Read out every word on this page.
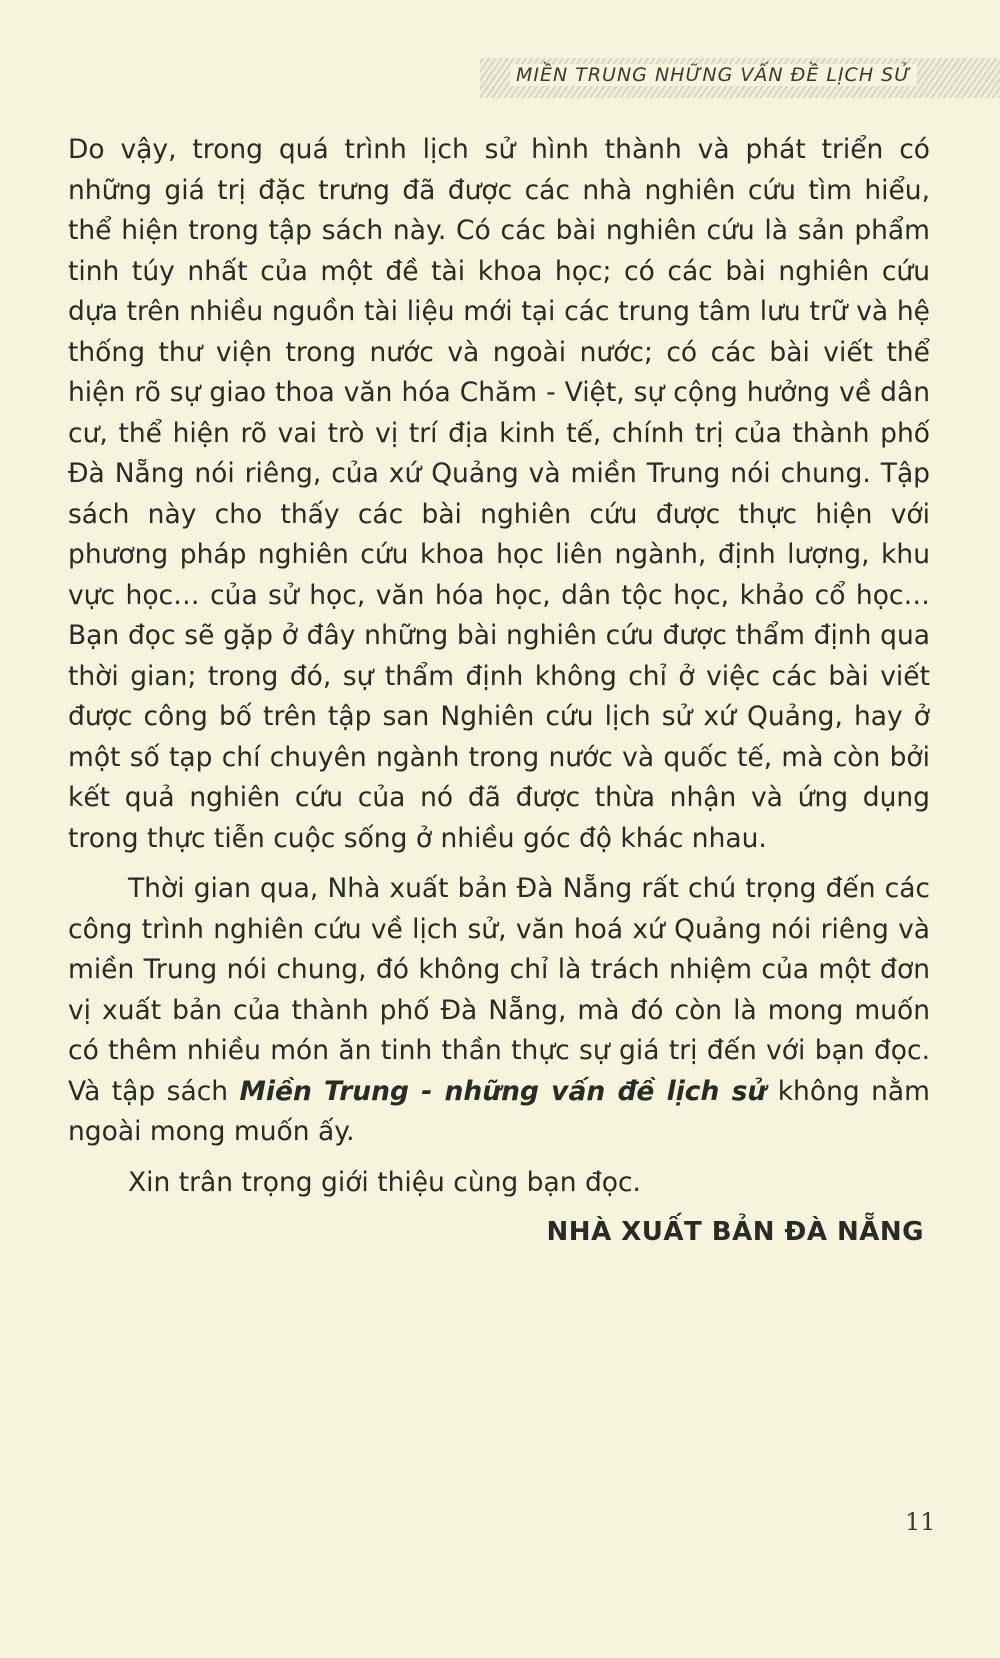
MIỀN TRUNG NHỮNG VẤN ĐỀ LỊCH SỬ

Do vậy, trong quá trình lịch sử hình thành và phát triển có những giá trị đặc trưng đã được các nhà nghiên cứu tìm hiểu, thể hiện trong tập sách này. Có các bài nghiên cứu là sản phẩm tinh túy nhất của một đề tài khoa học; có các bài nghiên cứu dựa trên nhiều nguồn tài liệu mới tại các trung tâm lưu trữ và hệ thống thư viện trong nước và ngoài nước; có các bài viết thể hiện rõ sự giao thoa văn hóa Chăm - Việt, sự cộng hưởng về dân cư, thể hiện rõ vai trò vị trí địa kinh tế, chính trị của thành phố Đà Nẵng nói riêng, của xứ Quảng và miền Trung nói chung. Tập sách này cho thấy các bài nghiên cứu được thực hiện với phương pháp nghiên cứu khoa học liên ngành, định lượng, khu vực học… của sử học, văn hóa học, dân tộc học, khảo cổ học… Bạn đọc sẽ gặp ở đây những bài nghiên cứu được thẩm định qua thời gian; trong đó, sự thẩm định không chỉ ở việc các bài viết được công bố trên tập san Nghiên cứu lịch sử xứ Quảng, hay ở một số tạp chí chuyên ngành trong nước và quốc tế, mà còn bởi kết quả nghiên cứu của nó đã được thừa nhận và ứng dụng trong thực tiễn cuộc sống ở nhiều góc độ khác nhau.

Thời gian qua, Nhà xuất bản Đà Nẵng rất chú trọng đến các công trình nghiên cứu về lịch sử, văn hoá xứ Quảng nói riêng và miền Trung nói chung, đó không chỉ là trách nhiệm của một đơn vị xuất bản của thành phố Đà Nẵng, mà đó còn là mong muốn có thêm nhiều món ăn tinh thần thực sự giá trị đến với bạn đọc. Và tập sách Miền Trung - những vấn đề lịch sử không nằm ngoài mong muốn ấy.

Xin trân trọng giới thiệu cùng bạn đọc.

NHÀ XUẤT BẢN ĐÀ NẴNG
11
